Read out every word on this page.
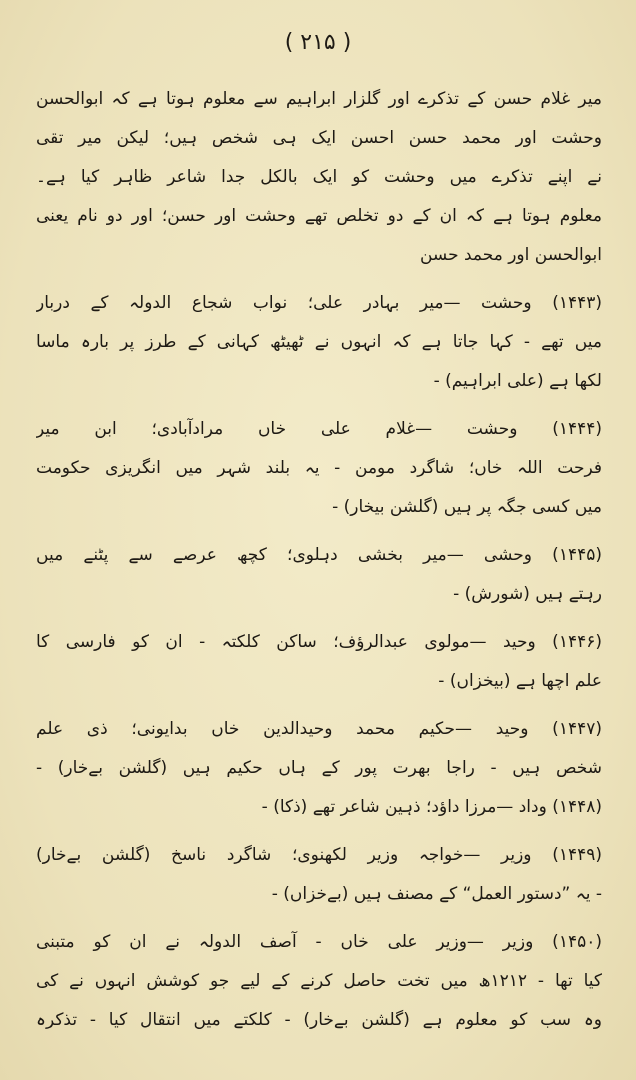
( ۲۱۵ )
میر غلام حسن کے تذکرے اور گلزار ابراہیم سے معلوم ہوتا ہے کہ ابوالحسن
وحشت اور محمد حسن احسن ایک ہی شخص ہیں؛ لیکن میر تقی
نے اپنے تذکرے میں وحشت کو ایک بالکل جدا شاعر ظاہر کیا ہے۔
معلوم ہوتا ہے کہ ان کے دو تخلص تھے وحشت اور حسن؛ اور دو نام یعنی
ابوالحسن اور محمد حسن
(۱۴۴۳) وحشت —میر بہادر علی؛ نواب شجاع الدولہ کے دربار
میں تھے - کہا جاتا ہے کہ انہوں نے ٹھیٹھ کہانی کے طرز پر بارہ ماسا
لکھا ہے (علی ابراہیم) -
(۱۴۴۴) وحشت —غلام علی خاں مرادآبادی؛ ابن میر
فرحت اللہ خاں؛ شاگرد مومن - یہ بلند شہر میں انگریزی حکومت
میں کسی جگہ پر ہیں (گلشن بیخار) -
(۱۴۴۵) وحشی —میر بخشی دہلوی؛ کچھ عرصے سے پٹنے میں
رہتے ہیں (شورش) -
(۱۴۴۶) وحید —مولوی عبدالرؤف؛ ساکن کلکتہ - ان کو فارسی کا
علم اچھا ہے (بیخزاں) -
(۱۴۴۷) وحید —حکیم محمد وحیدالدین خاں بدایونی؛ ذی علم
شخص ہیں - راجا بھرت پور کے ہاں حکیم ہیں (گلشن بےخار) -
(۱۴۴۸) وداد —مرزا داؤد؛ ذہین شاعر تھے (ذکا) -
(۱۴۴۹) وزیر —خواجہ وزیر لکھنوی؛ شاگرد ناسخ (گلشن بےخار)
- یہ ”دستور العمل“ کے مصنف ہیں (بےخزاں) -
(۱۴۵۰) وزیر —وزیر علی خاں - آصف الدولہ نے ان کو متبنی
کیا تھا - ۱۲۱۲ھ میں تخت حاصل کرنے کے لیے جو کوشش انہوں نے کی
وہ سب کو معلوم ہے (گلشن بےخار) - کلکتے میں انتقال کیا - تذکرہ
